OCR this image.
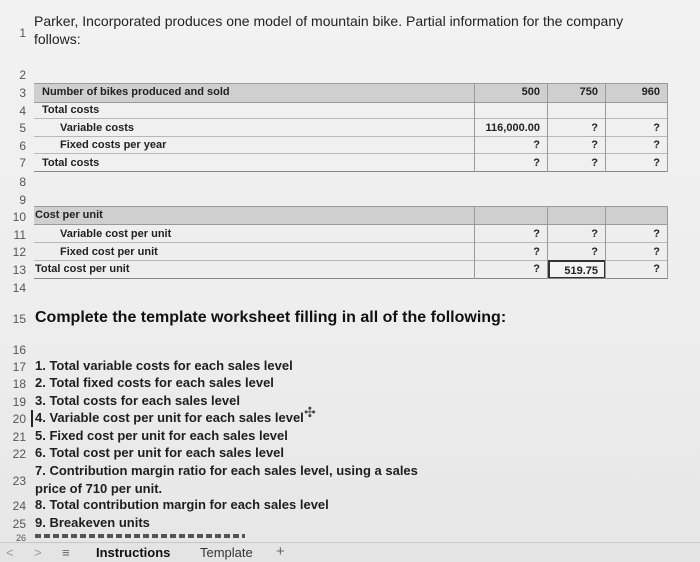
1
2
3
4
5
6
7
8
9
10
11
12
13
14
15
16
17
18
19
20
21
22
23
24
25
26
Parker, Incorporated produces one model of mountain bike. Partial information for the company
follows:
Number of bikes produced and sold	500	750	960
Total costs
Variable costs	116,000.00	?	?
Fixed costs per year	?	?	?
Total costs	?	?	?
Cost per unit
Variable cost per unit	?	?	?
Fixed cost per unit	?	?	?
Total cost per unit	?	519.75	?
Complete the template worksheet filling in all of the following:
1. Total variable costs for each sales level
2. Total fixed costs for each sales level
3. Total costs for each sales level
4. Variable cost per unit for each sales level ✣
5. Fixed cost per unit for each sales level
6. Total cost per unit for each sales level
7. Contribution margin ratio for each sales level, using a sales
price of 710 per unit.
8. Total contribution margin for each sales level
9. Breakeven units
< > ≡ Instructions Template +
